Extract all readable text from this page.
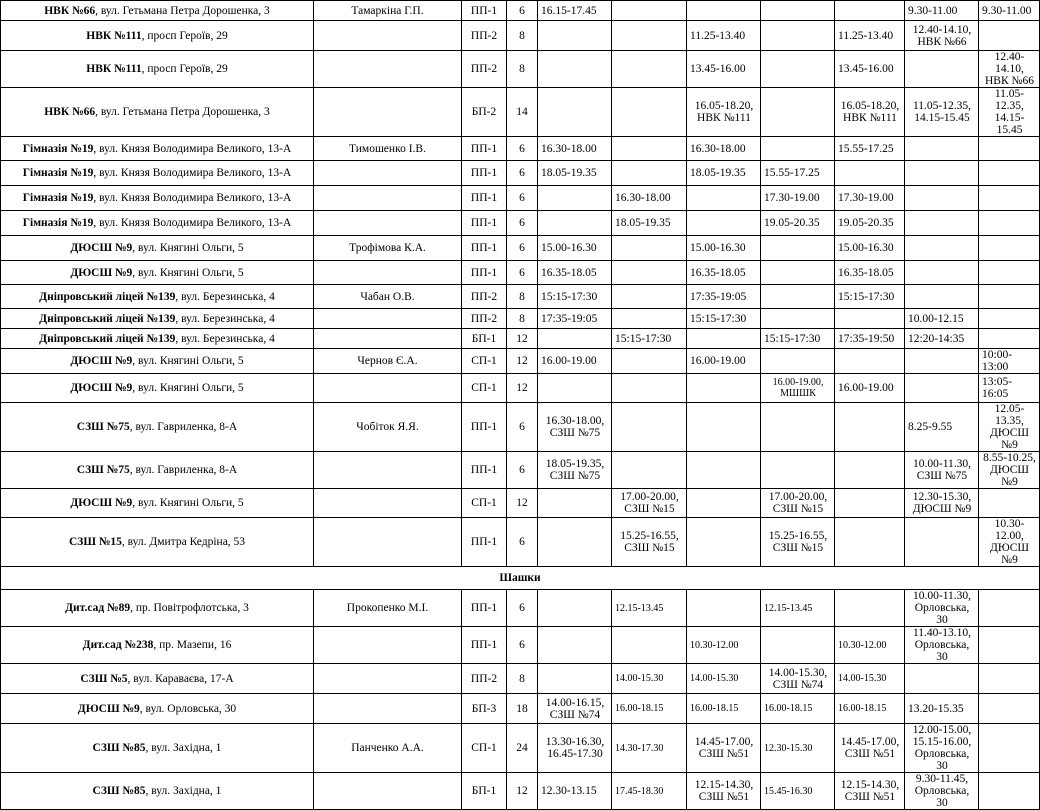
НВК №66, вул. Гетьмана Петра Дорошенка, 3	Тамаркіна Г.П.	ПП-1	6	16.15-17.45					9.30-11.00	9.30-11.00
НВК №111, просп Героїв, 29		ПП-2	8			11.25-13.40		11.25-13.40	12.40-14.10, НВК №66	
НВК №111, просп Героїв, 29		ПП-2	8			13.45-16.00		13.45-16.00		12.40-14.10, НВК №66
НВК №66, вул. Гетьмана Петра Дорошенка, 3		БП-2	14			16.05-18.20, НВК №111		16.05-18.20, НВК №111	11.05-12.35, 14.15-15.45	11.05-12.35, 14.15-15.45
Гімназія №19, вул. Князя Володимира Великого, 13-А	Тимошенко І.В.	ПП-1	6	16.30-18.00		16.30-18.00		15.55-17.25		
Гімназія №19, вул. Князя Володимира Великого, 13-А		ПП-1	6	18.05-19.35		18.05-19.35	15.55-17.25			
Гімназія №19, вул. Князя Володимира Великого, 13-А		ПП-1	6		16.30-18.00		17.30-19.00	17.30-19.00		
Гімназія №19, вул. Князя Володимира Великого, 13-А		ПП-1	6		18.05-19.35		19.05-20.35	19.05-20.35		
ДЮСШ №9, вул. Княгині Ольги, 5	Трофімова К.А.	ПП-1	6	15.00-16.30		15.00-16.30		15.00-16.30		
ДЮСШ №9, вул. Княгині Ольги, 5		ПП-1	6	16.35-18.05		16.35-18.05		16.35-18.05		
Дніпровський ліцей №139, вул. Березинська, 4	Чабан О.В.	ПП-2	8	15:15-17:30		17:35-19:05		15:15-17:30		
Дніпровський ліцей №139, вул. Березинська, 4		ПП-2	8	17:35-19:05		15:15-17:30			10.00-12.15	
Дніпровський ліцей №139, вул. Березинська, 4		БП-1	12		15:15-17:30		15:15-17:30	17:35-19:50	12:20-14:35	
ДЮСШ №9, вул. Княгині Ольги, 5	Чернов Є.А.	СП-1	12	16.00-19.00		16.00-19.00				10:00-13:00
ДЮСШ №9, вул. Княгині Ольги, 5		СП-1	12				16.00-19.00, МШШК	16.00-19.00		13:05-16:05
СЗШ №75, вул. Гавриленка, 8-А	Чобіток Я.Я.	ПП-1	6	16.30-18.00, СЗШ №75					8.25-9.55	12.05-13.35, ДЮСШ №9
СЗШ №75, вул. Гавриленка, 8-А		ПП-1	6	18.05-19.35, СЗШ №75					10.00-11.30, СЗШ №75	8.55-10.25, ДЮСШ №9
ДЮСШ №9, вул. Княгині Ольги, 5		СП-1	12		17.00-20.00, СЗШ №15		17.00-20.00, СЗШ №15		12.30-15.30, ДЮСШ №9	
СЗШ №15, вул. Дмитра Кедріна, 53		ПП-1	6		15.25-16.55, СЗШ №15		15.25-16.55, СЗШ №15			10.30-12.00, ДЮСШ №9
Шашки										
Дит.сад №89, пр. Повітрофлотська, 3	Прокопенко М.І.	ПП-1	6		12.15-13.45		12.15-13.45		10.00-11.30, Орловська, 30	
Дит.сад №238, пр. Мазепи, 16		ПП-1	6			10.30-12.00		10.30-12.00	11.40-13.10, Орловська, 30	
СЗШ №5, вул. Караваєва, 17-А		ПП-2	8		14.00-15.30	14.00-15.30	14.00-15.30, СЗШ №74	14.00-15.30		
ДЮСШ №9, вул. Орловська, 30		БП-3	18	14.00-16.15, СЗШ №74	16.00-18.15	16.00-18.15	16.00-18.15	16.00-18.15	13.20-15.35	
СЗШ №85, вул. Західна, 1	Панченко А.А.	СП-1	24	13.30-16.30, 16.45-17.30	14.30-17.30	14.45-17.00, СЗШ №51	12.30-15.30	14.45-17.00, СЗШ №51	12.00-15.00, 15.15-16.00, Орловська, 30	
СЗШ №85, вул. Західна, 1		БП-1	12	12.30-13.15	17.45-18.30	12.15-14.30, СЗШ №51	15.45-16.30	12.15-14.30, СЗШ №51	9.30-11.45, Орловська, 30	
